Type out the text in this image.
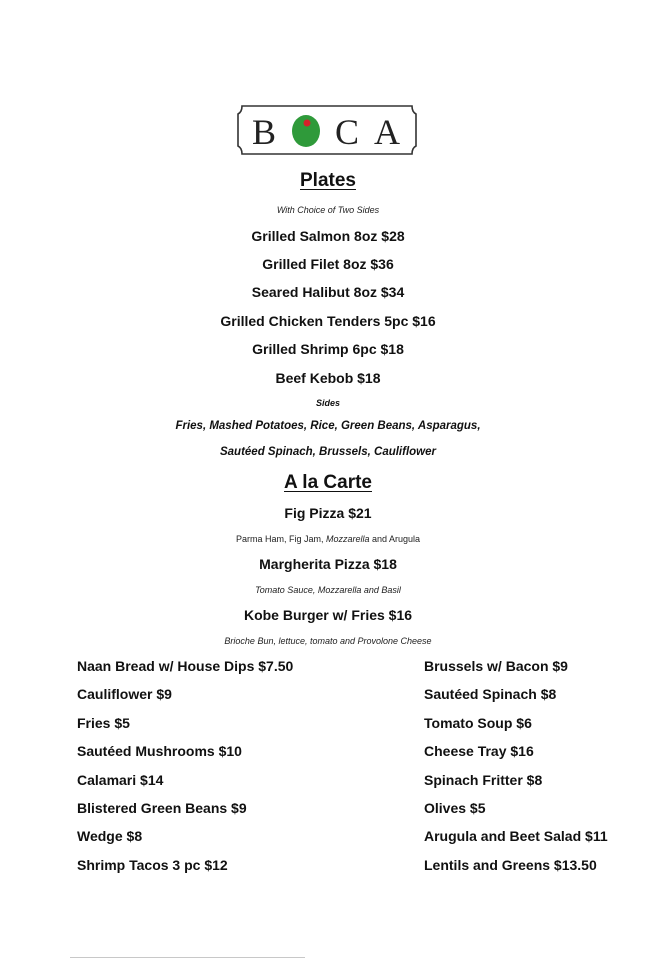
B C A
Plates
With Choice of Two Sides
Grilled Salmon 8oz $28
Grilled Filet 8oz $36
Seared Halibut 8oz $34
Grilled Chicken Tenders 5pc $16
Grilled Shrimp 6pc $18
Beef Kebob $18
Sides
Fries, Mashed Potatoes, Rice, Green Beans, Asparagus,
Sautéed Spinach, Brussels, Cauliflower
A la Carte
Fig Pizza $21
Parma Ham, Fig Jam, Mozzarella and Arugula
Margherita Pizza $18
Tomato Sauce, Mozzarella and Basil
Kobe Burger w/ Fries $16
Brioche Bun, lettuce, tomato and Provolone Cheese
Naan Bread w/ House Dips $7.50
Cauliflower $9
Fries $5
Sautéed Mushrooms $10
Calamari $14
Blistered Green Beans $9
Wedge $8
Shrimp Tacos 3 pc $12
Brussels w/ Bacon $9
Sautéed Spinach $8
Tomato Soup $6
Cheese Tray $16
Spinach Fritter $8
Olives $5
Arugula and Beet Salad $11
Lentils and Greens $13.50
